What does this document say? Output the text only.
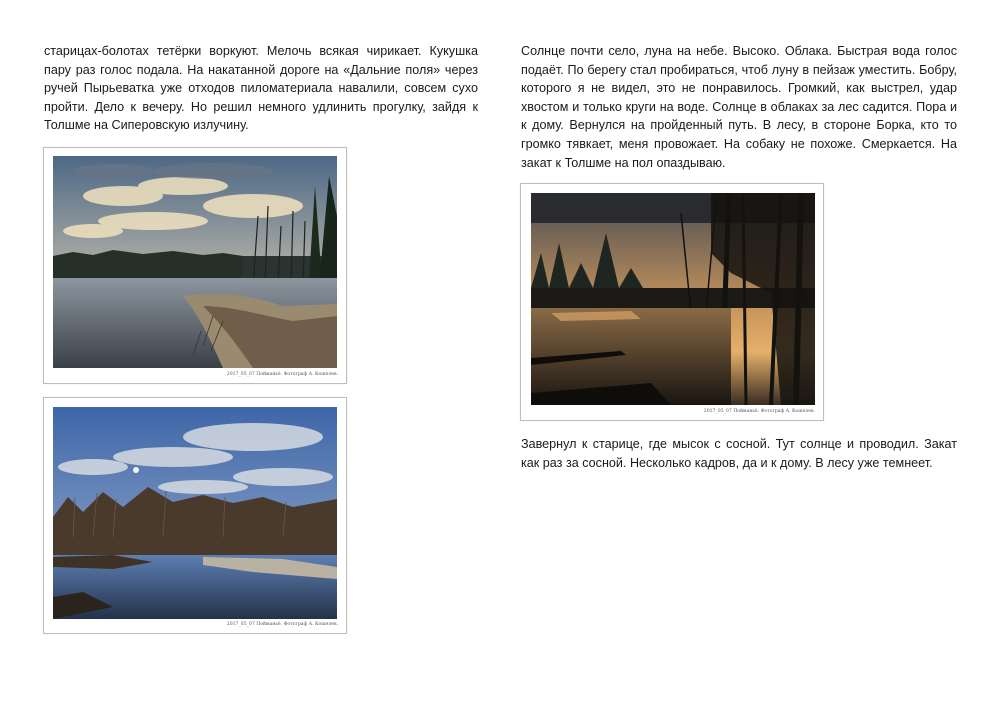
старицах-болотах тетёрки воркуют. Мелочь всякая чирикает. Кукушка пару раз голос подала. На накатанной дороге на «Дальние поля» через ручей Пырьеватка уже отходов пиломатериала навалили, совсем сухо пройти. Дело к вечеру. Но решил немного удлинить прогулку, зайдя к Толшме на Сиперовскую излучину.

2017_05_07 Пойманьё. Фотограф А. Кошелев.
2017_05_07 Пойманьё. Фотограф А. Кошелев.

Солнце почти село, луна на небе. Высоко. Облака. Быстрая вода голос подаёт. По берегу стал пробираться, чтоб луну в пейзаж уместить. Бобру, которого я не видел, это не понравилось. Громкий, как выстрел, удар хвостом и только круги на воде. Солнце в облаках за лес садится. Пора и к дому. Вернулся на пройденный путь. В лесу, в стороне Борка, кто то громко тявкает, меня провожает. На собаку не похоже. Смеркается. На закат к Толшме на пол опаздываю.

2017_05_07 Пойманьё. Фотограф А. Кошелев.

Завернул к старице, где мысок с сосной. Тут солнце и проводил. Закат как раз за сосной. Несколько кадров, да и к дому. В лесу уже темнеет.
